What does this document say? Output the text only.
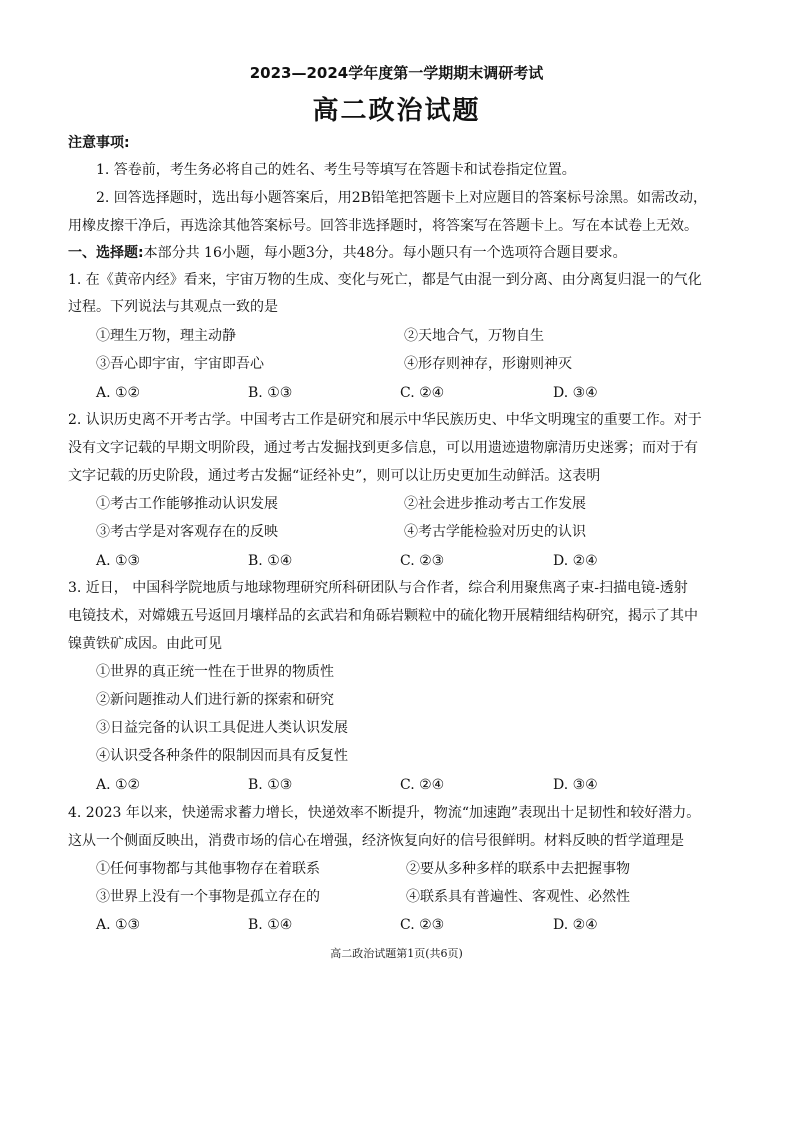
2023—2024学年度第一学期期末调研考试
高二政治试题
注意事项:
1. 答卷前，考生务必将自己的姓名、考生号等填写在答题卡和试卷指定位置。
2. 回答选择题时，选出每小题答案后，用2B铅笔把答题卡上对应题目的答案标号涂黑。如需改动，
用橡皮擦干净后，再选涂其他答案标号。回答非选择题时，将答案写在答题卡上。写在本试卷上无效。
一、选择题:本部分共 16小题，每小题3分，共48分。每小题只有一个选项符合题目要求。
1. 在《黄帝内经》看来，宇宙万物的生成、变化与死亡，都是气由混一到分离、由分离复归混一的气化
过程。下列说法与其观点一致的是
①理生万物，理主动静	②天地合气，万物自生
③吾心即宇宙，宇宙即吾心	④形存则神存，形谢则神灭
A. ①②	B. ①③	C. ②④	D. ③④
2. 认识历史离不开考古学。中国考古工作是研究和展示中华民族历史、中华文明瑰宝的重要工作。对于
没有文字记载的早期文明阶段，通过考古发掘找到更多信息，可以用遗迹遗物廓清历史迷雾；而对于有
文字记载的历史阶段，通过考古发掘“证经补史”，则可以让历史更加生动鲜活。这表明
①考古工作能够推动认识发展	②社会进步推动考古工作发展
③考古学是对客观存在的反映	④考古学能检验对历史的认识
A. ①③	B. ①④	C. ②③	D. ②④
3. 近日， 中国科学院地质与地球物理研究所科研团队与合作者，综合利用聚焦离子束-扫描电镜-透射
电镜技术，对嫦娥五号返回月壤样品的玄武岩和角砾岩颗粒中的硫化物开展精细结构研究，揭示了其中
镍黄铁矿成因。由此可见
①世界的真正统一性在于世界的物质性
②新问题推动人们进行新的探索和研究
③日益完备的认识工具促进人类认识发展
④认识受各种条件的限制因而具有反复性
A. ①②	B. ①③	C. ②④	D. ③④
4. 2023 年以来，快递需求蓄力增长，快递效率不断提升，物流“加速跑”表现出十足韧性和较好潜力。
这从一个侧面反映出，消费市场的信心在增强，经济恢复向好的信号很鲜明。材料反映的哲学道理是
①任何事物都与其他事物存在着联系	②要从多种多样的联系中去把握事物
③世界上没有一个事物是孤立存在的	④联系具有普遍性、客观性、必然性
A. ①③	B. ①④	C. ②③	D. ②④
高二政治试题第1页(共6页)
